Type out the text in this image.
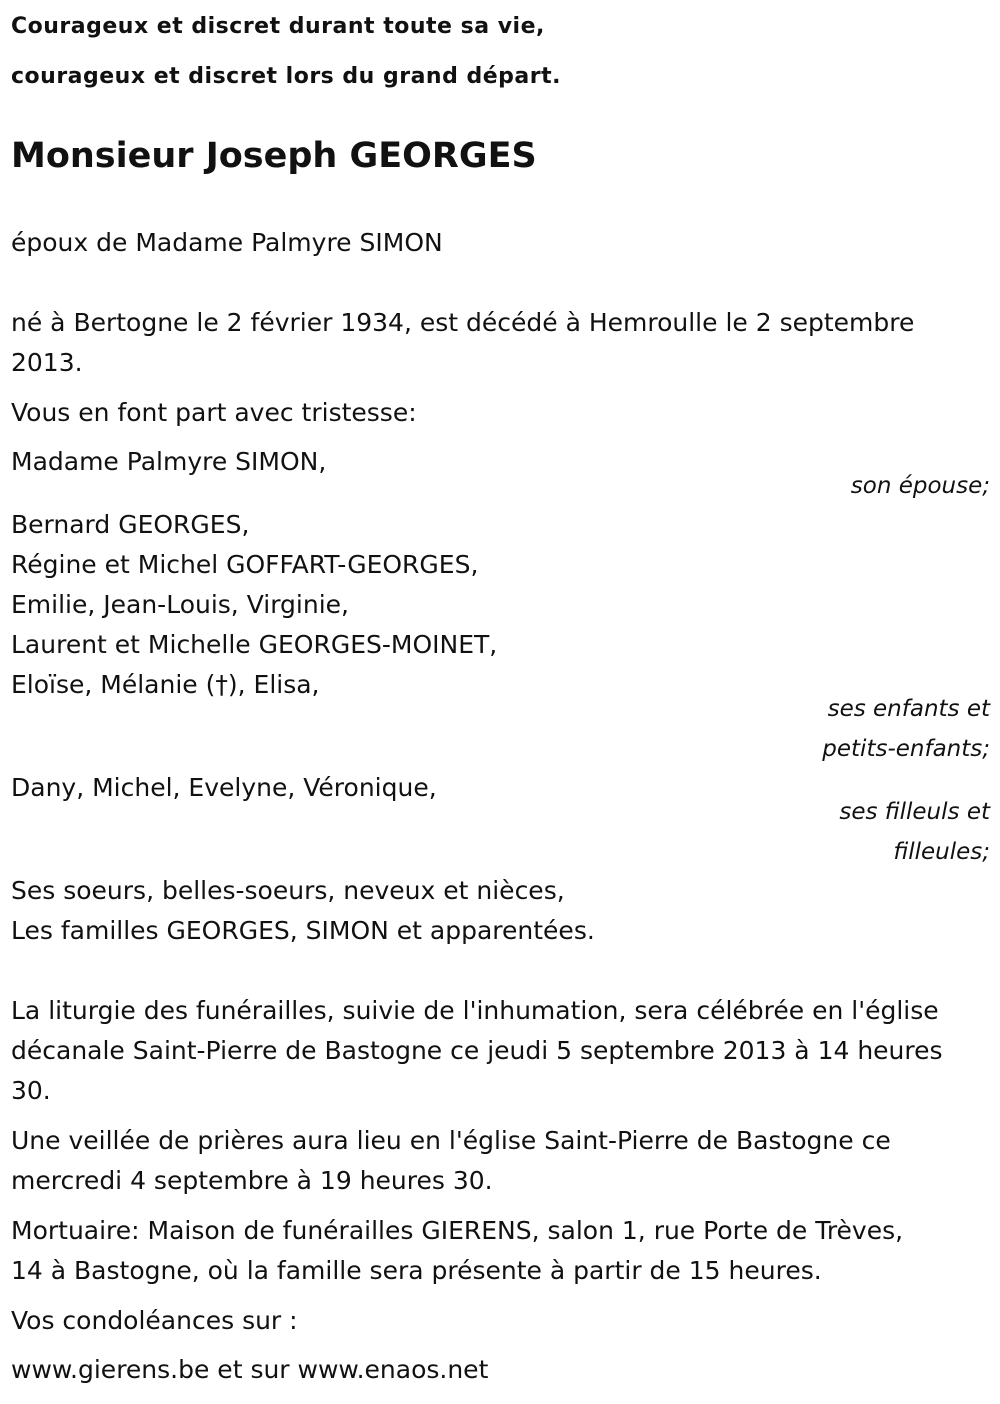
Courageux et discret durant toute sa vie,
courageux et discret lors du grand départ.
Monsieur Joseph GEORGES
époux de Madame Palmyre SIMON
né à Bertogne le 2 février 1934, est décédé à Hemroulle le 2 septembre
2013.
Vous en font part avec tristesse:
Madame Palmyre SIMON,
son épouse;
Bernard GEORGES,
Régine et Michel GOFFART-GEORGES,
Emilie, Jean-Louis, Virginie,
Laurent et Michelle GEORGES-MOINET,
Eloïse, Mélanie (†), Elisa,
ses enfants et
petits-enfants;
Dany, Michel, Evelyne, Véronique,
ses filleuls et
filleules;
Ses soeurs, belles-soeurs, neveux et nièces,
Les familles GEORGES, SIMON et apparentées.
La liturgie des funérailles, suivie de l'inhumation, sera célébrée en l'église
décanale Saint-Pierre de Bastogne ce jeudi 5 septembre 2013 à 14 heures
30.
Une veillée de prières aura lieu en l'église Saint-Pierre de Bastogne ce
mercredi 4 septembre à 19 heures 30.
Mortuaire: Maison de funérailles GIERENS, salon 1, rue Porte de Trèves,
14 à Bastogne, où la famille sera présente à partir de 15 heures.
Vos condoléances sur :
www.gierens.be et sur www.enaos.net
